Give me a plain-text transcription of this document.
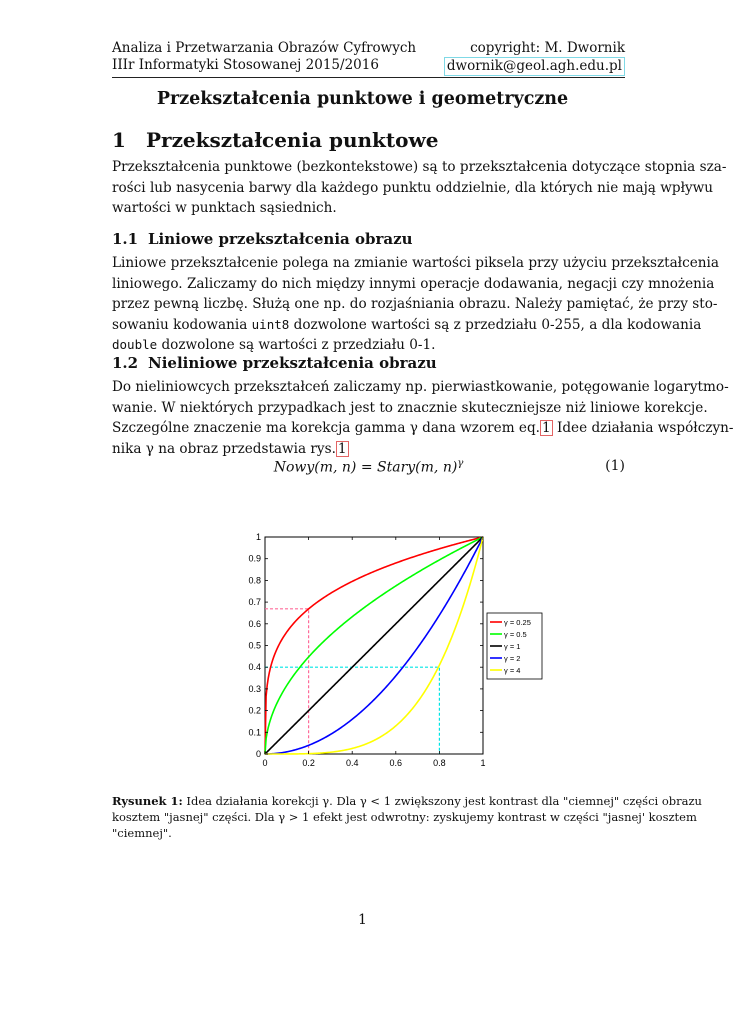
Analiza i Przetwarzania Obrazów Cyfrowych
IIIr Informatyki Stosowanej 2015/2016
copyright: M. Dwornik
dwornik@geol.agh.edu.pl
Przekształcenia punktowe i geometryczne
1 Przekształcenia punktowe
Przekształcenia punktowe (bezkontekstowe) są to przekształcenia dotyczące stopnia sza-
rości lub nasycenia barwy dla każdego punktu oddzielnie, dla których nie mają wpływu
wartości w punktach sąsiednich.
1.1 Liniowe przekształcenia obrazu
Liniowe przekształcenie polega na zmianie wartości piksela przy użyciu przekształcenia
liniowego. Zaliczamy do nich między innymi operacje dodawania, negacji czy mnożenia
przez pewną liczbę. Służą one np. do rozjaśniania obrazu. Należy pamiętać, że przy sto-
sowaniu kodowania uint8 dozwolone wartości są z przedziału 0-255, a dla kodowania
double dozwolone są wartości z przedziału 0-1.
1.2 Nieliniowe przekształcenia obrazu
Do nieliniowcych przekształceń zaliczamy np. pierwiastkowanie, potęgowanie logarytmo-
wanie. W niektórych przypadkach jest to znacznie skuteczniejsze niż liniowe korekcje.
Szczególne znaczenie ma korekcja gamma γ dana wzorem eq. 1 Idee działania współczyn-
nika γ na obraz przedstawia rys. 1
Nowy(m, n) = Stary(m, n)$^\gamma$	(1)
0	0.2	0.4	0.6	0.8	1
0
0.1
0.2
0.3
0.4
0.5
0.6
0.7
0.8
0.9
1
γ = 0.25
γ = 0.5
γ = 1
γ = 2
γ = 4
Rysunek 1: Idea działania korekcji γ. Dla γ < 1 zwiększony jest kontrast dla "ciemnej" części obrazu
kosztem "jasnej" części. Dla γ > 1 efekt jest odwrotny: zyskujemy kontrast w części "jasnej' kosztem
"ciemnej".
1
